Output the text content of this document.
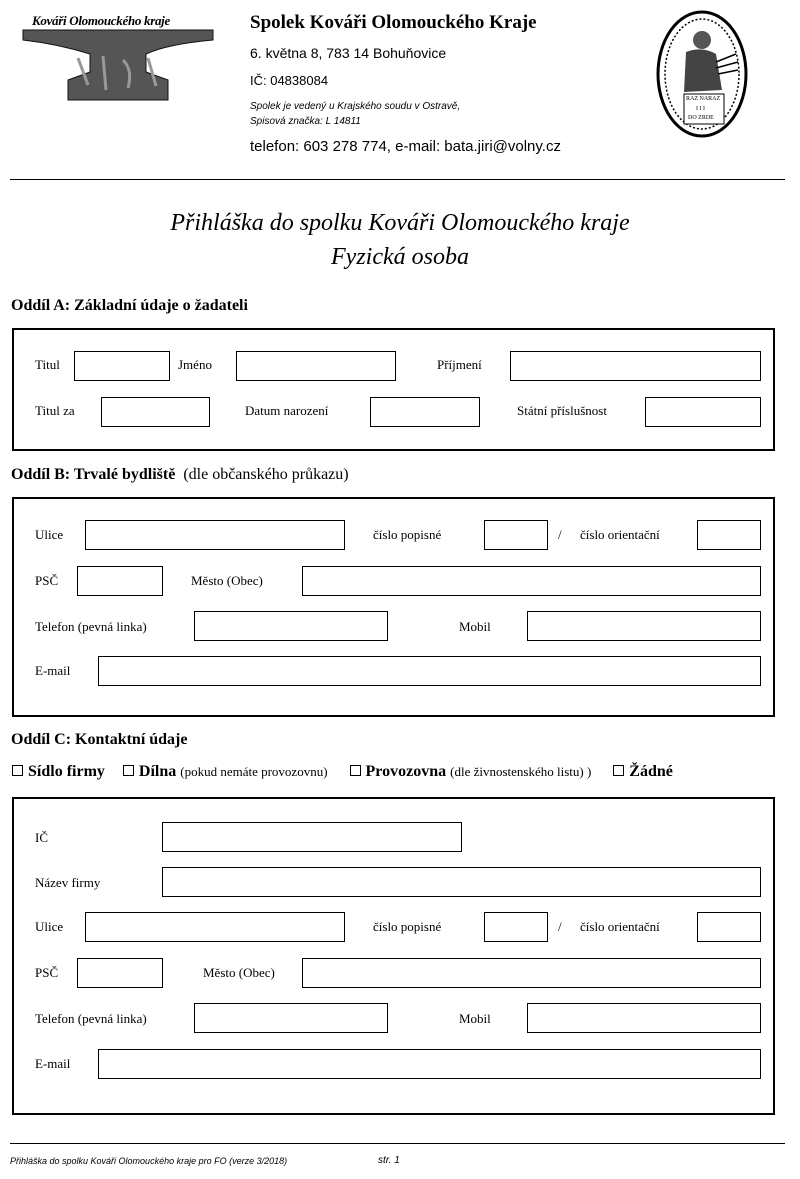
Kováři Olomouckého kraje	Spolek Kováři Olomouckého Kraje
6. května 8, 783 14 Bohuňovice
IČ: 04838084
Spolek je vedený u Krajského soudu v Ostravě,
Spisová značka: L 14811
telefon: 603 278 774, e-mail: bata.jiri@volny.cz
RAZ NARAZ
I I I
DO ZRDE
Přihláška do spolku Kováři Olomouckého kraje
Fyzická osoba
Oddíl A: Základní údaje o žadateli
Titul	Jméno	Příjmení
Titul za	Datum narození	Státní příslušnost
Oddíl B: Trvalé bydliště (dle občanského průkazu)
Ulice	číslo popisné	/ číslo orientační
PSČ	Město (Obec)
Telefon (pevná linka)	Mobil
E-mail
Oddíl C: Kontaktní údaje
Sídlo firmy Dílna (pokud nemáte provozovnu) Provozovna (dle živnostenského listu) ) Žádné
IČ
Název firmy
Ulice	číslo popisné	/ číslo orientační
PSČ	Město (Obec)
Telefon (pevná linka)	Mobil
E-mail
Přihláška do spolku Kováři Olomouckého kraje pro FO (verze 3/2018)	str. 1
